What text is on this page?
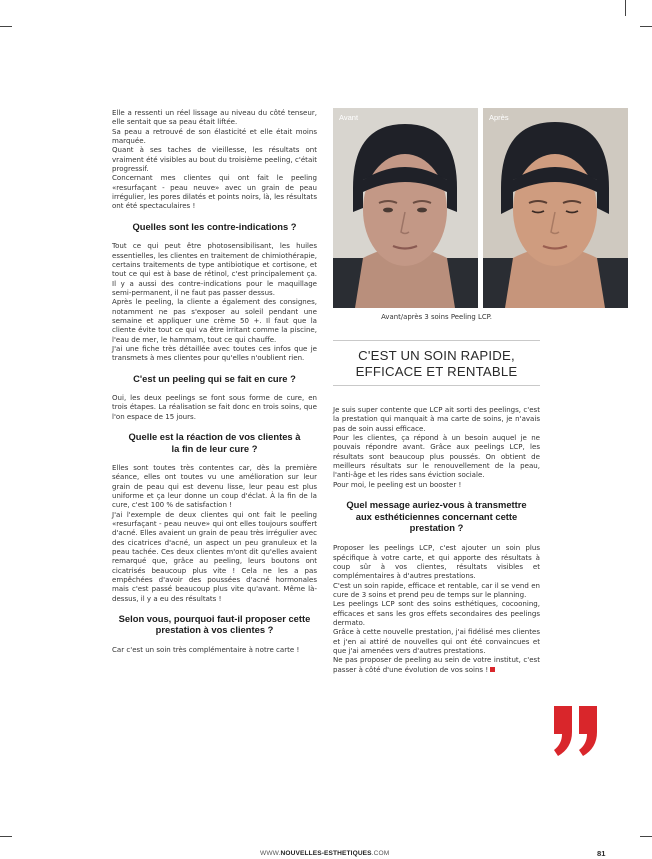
Elle a ressenti un réel lissage au niveau du côté tenseur, elle sentait que sa peau était liftée.

Sa peau a retrouvé de son élasticité et elle était moins marquée.

Quant à ses taches de vieillesse, les résultats ont vraiment été visibles au bout du troisième peeling, c'était progressif.

Concernant mes clientes qui ont fait le peeling «resurfaçant - peau neuve» avec un grain de peau irrégulier, les pores dilatés et points noirs, là, les résultats ont été spectaculaires !

Quelles sont les contre-indications ?

Tout ce qui peut être photosensibilisant, les huiles essentielles, les clientes en traitement de chimiothérapie, certains traitements de type antibiotique et cortisone, et tout ce qui est à base de rétinol, c'est principalement ça. Il y a aussi des contre-indications pour le maquillage semi-permanent, il ne faut pas passer dessus.

Après le peeling, la cliente a également des consignes, notamment ne pas s'exposer au soleil pendant une semaine et appliquer une crème 50 +. Il faut que la cliente évite tout ce qui va être irritant comme la piscine, l'eau de mer, le hammam, tout ce qui chauffe.

J'ai une fiche très détaillée avec toutes ces infos que je transmets à mes clientes pour qu'elles n'oublient rien.

C'est un peeling qui se fait en cure ?

Oui, les deux peelings se font sous forme de cure, en trois étapes. La réalisation se fait donc en trois soins, que l'on espace de 15 jours.

Quelle est la réaction de vos clientes à la fin de leur cure ?

Elles sont toutes très contentes car, dès la première séance, elles ont toutes vu une amélioration sur leur grain de peau qui est devenu lisse, leur peau est plus uniforme et ça leur donne un coup d'éclat. À la fin de la cure, c'est 100 % de satisfaction !

J'ai l'exemple de deux clientes qui ont fait le peeling «resurfaçant - peau neuve» qui ont elles toujours souffert d'acné. Elles avaient un grain de peau très irrégulier avec des cicatrices d'acné, un aspect un peu granuleux et la peau tachée. Ces deux clientes m'ont dit qu'elles avaient remarqué que, grâce au peeling, leurs boutons ont cicatrisés beaucoup plus vite ! Cela ne les a pas empêchées d'avoir des poussées d'acné hormonales mais c'est passé beaucoup plus vite qu'avant. Même là-dessus, il y a eu des résultats !

Selon vous, pourquoi faut-il proposer cette prestation à vos clientes ?

Car c'est un soin très complémentaire à notre carte !

Avant	Après
Avant/après 3 soins Peeling LCP.
C'EST UN SOIN RAPIDE, EFFICACE ET RENTABLE

Je suis super contente que LCP ait sorti des peelings, c'est la prestation qui manquait à ma carte de soins, je n'avais pas de soin aussi efficace.

Pour les clientes, ça répond à un besoin auquel je ne pouvais répondre avant. Grâce aux peelings LCP, les résultats sont beaucoup plus poussés. On obtient de meilleurs résultats sur le renouvellement de la peau, l'anti-âge et les rides sans éviction sociale.

Pour moi, le peeling est un booster !

Quel message auriez-vous à transmettre aux esthéticiennes concernant cette prestation ?

Proposer les peelings LCP, c'est ajouter un soin plus spécifique à votre carte, et qui apporte des résultats à coup sûr à vos clientes, résultats visibles et complémentaires à d'autres prestations.

C'est un soin rapide, efficace et rentable, car il se vend en cure de 3 soins et prend peu de temps sur le planning.

Les peelings LCP sont des soins esthétiques, cocooning, efficaces et sans les gros effets secondaires des peelings dermato.

Grâce à cette nouvelle prestation, j'ai fidélisé mes clientes et j'en ai attiré de nouvelles qui ont été convaincues et que j'ai amenées vers d'autres prestations.

Ne pas proposer de peeling au sein de votre institut, c'est passer à côté d'une évolution de vos soins !

WWW.NOUVELLES-ESTHETIQUES.COM	81
